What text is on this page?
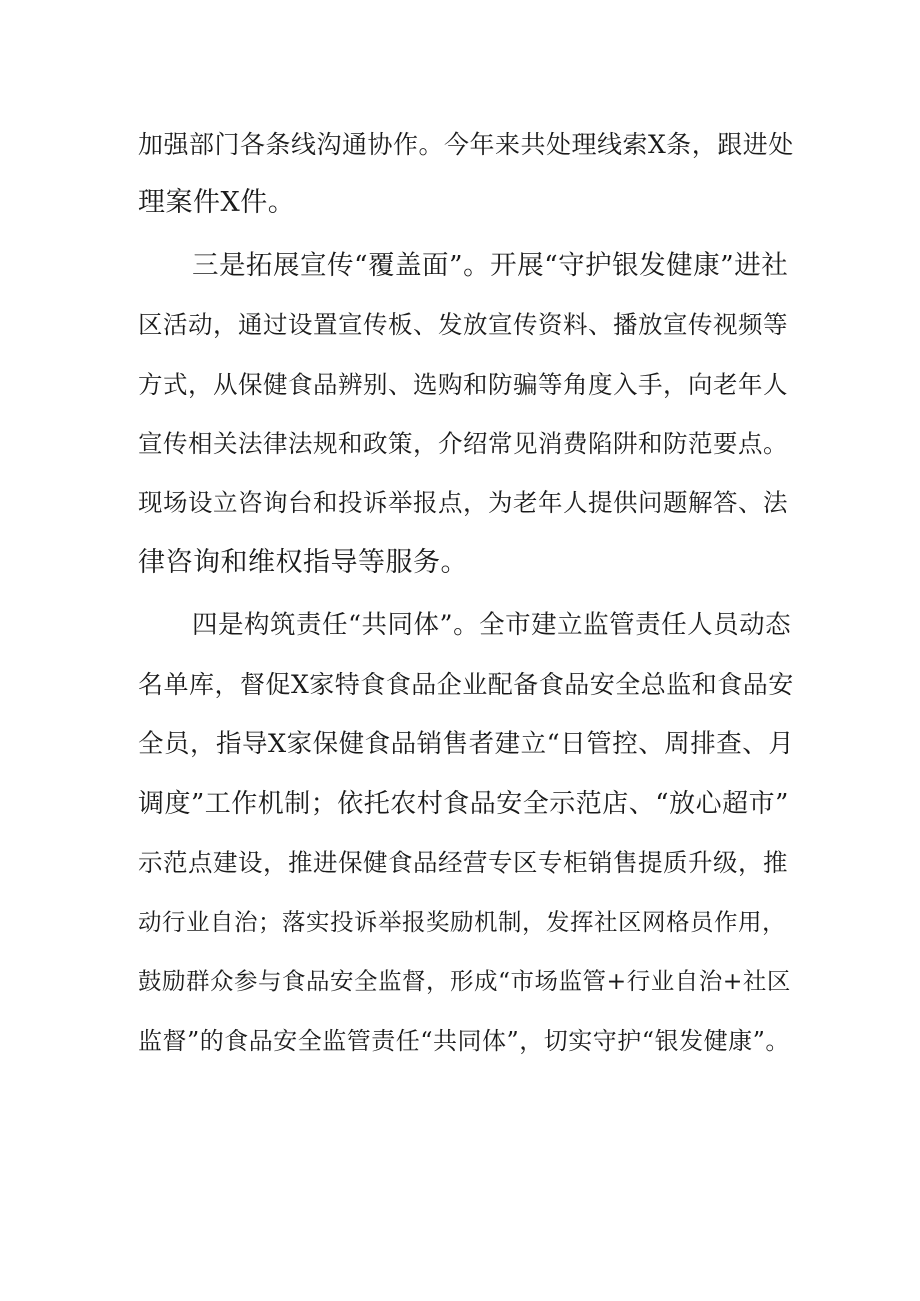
加强部门各条线沟通协作。今年来共处理线索X条，跟进处
理案件X件。
三是拓展宣传“覆盖面”。开展“守护银发健康”进社
区活动，通过设置宣传板、发放宣传资料、播放宣传视频等
方式，从保健食品辨别、选购和防骗等角度入手，向老年人
宣传相关法律法规和政策，介绍常见消费陷阱和防范要点。
现场设立咨询台和投诉举报点，为老年人提供问题解答、法
律咨询和维权指导等服务。
四是构筑责任“共同体”。全市建立监管责任人员动态
名单库，督促X家特食食品企业配备食品安全总监和食品安
全员，指导X家保健食品销售者建立“日管控、周排查、月
调度”工作机制；依托农村食品安全示范店、“放心超市”
示范点建设，推进保健食品经营专区专柜销售提质升级，推
动行业自治；落实投诉举报奖励机制，发挥社区网格员作用，
鼓励群众参与食品安全监督，形成“市场监管+行业自治+社区
监督”的食品安全监管责任“共同体”，切实守护“银发健康”。
